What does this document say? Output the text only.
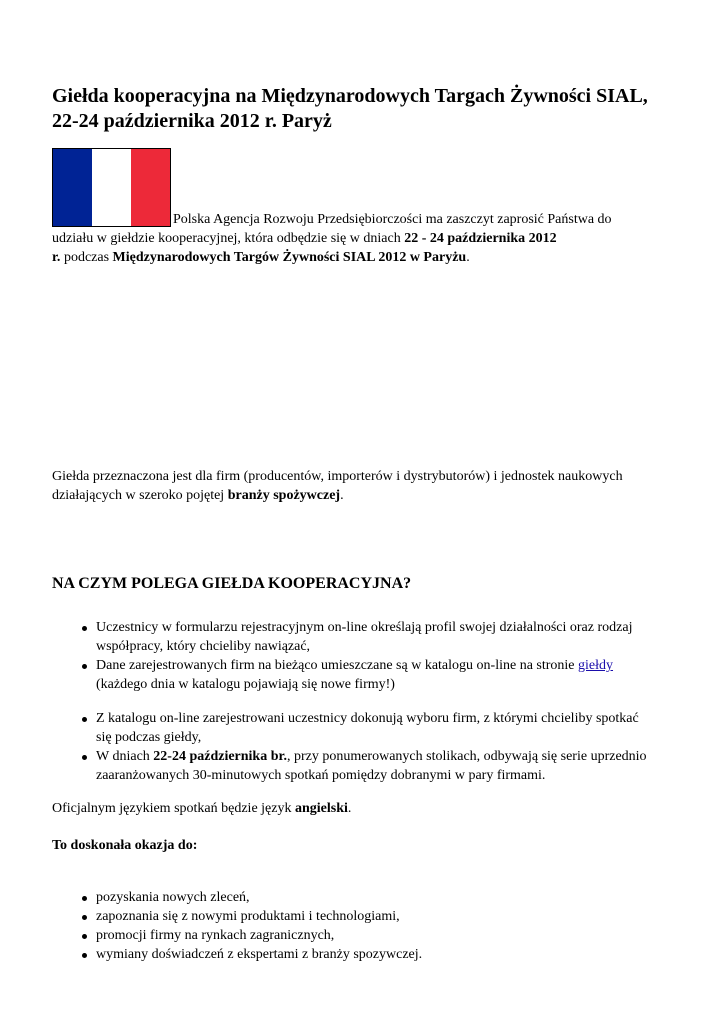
Giełda kooperacyjna na Międzynarodowych Targach Żywności SIAL,
22-24 października 2012 r. Paryż
Polska Agencja Rozwoju Przedsiębiorczości ma zaszczyt zaprosić Państwa do
udziału w giełdzie kooperacyjnej, która odbędzie się w dniach 22 - 24 października 2012
r. podczas Międzynarodowych Targów Żywności SIAL 2012 w Paryżu.
Giełda przeznaczona jest dla firm (producentów, importerów i dystrybutorów) i jednostek naukowych
działających w szeroko pojętej branży spożywczej.
NA CZYM POLEGA GIEŁDA KOOPERACYJNA?
Uczestnicy w formularzu rejestracyjnym on-line określają profil swojej działalności oraz rodzaj
współpracy, który chcieliby nawiązać,
Dane zarejestrowanych firm na bieżąco umieszczane są w katalogu on-line na stronie giełdy
(każdego dnia w katalogu pojawiają się nowe firmy!)
Z katalogu on-line zarejestrowani uczestnicy dokonują wyboru firm, z którymi chcieliby spotkać
się podczas giełdy,
W dniach 22-24 października br., przy ponumerowanych stolikach, odbywają się serie uprzednio
zaaranżowanych 30-minutowych spotkań pomiędzy dobranymi w pary firmami.
Oficjalnym językiem spotkań będzie język angielski.
To doskonała okazja do:
pozyskania nowych zleceń,
zapoznania się z nowymi produktami i technologiami,
promocji firmy na rynkach zagranicznych,
wymiany doświadczeń z ekspertami z branży spozywczej.
